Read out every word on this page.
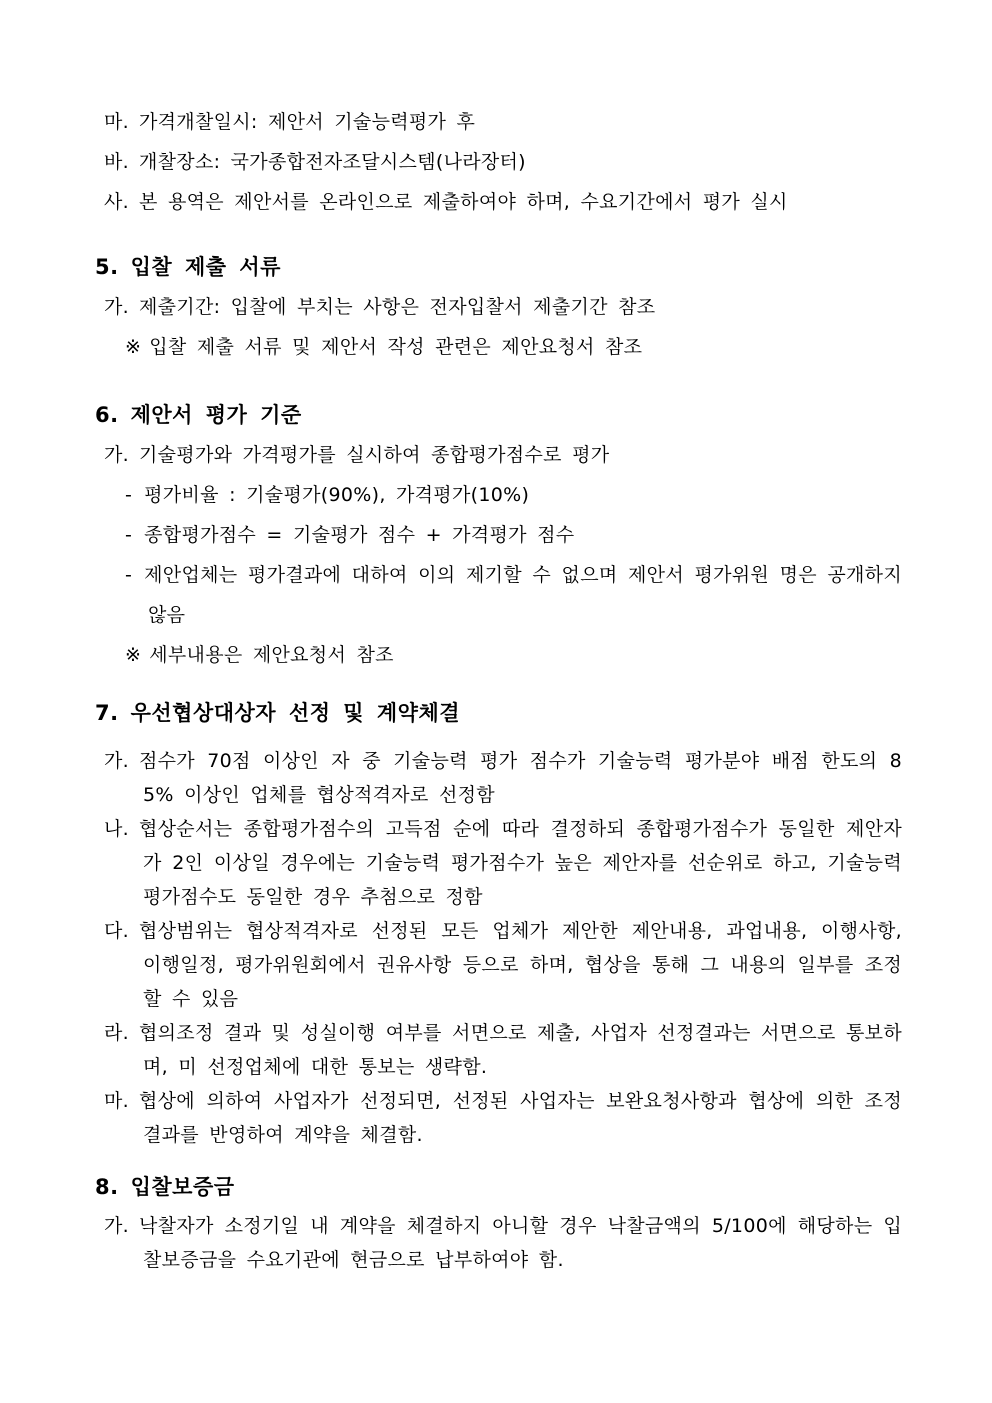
마. 가격개찰일시: 제안서 기술능력평가 후

바. 개찰장소: 국가종합전자조달시스템(나라장터)

사. 본 용역은 제안서를 온라인으로 제출하여야 하며, 수요기간에서 평가 실시

5. 입찰 제출 서류

가. 제출기간: 입찰에 부치는 사항은 전자입찰서 제출기간 참조

※ 입찰 제출 서류 및 제안서 작성 관련은 제안요청서 참조

6. 제안서 평가 기준

가. 기술평가와 가격평가를 실시하여 종합평가점수로 평가

- 평가비율 : 기술평가(90%), 가격평가(10%)

- 종합평가점수 = 기술평가 점수 + 가격평가 점수

- 제안업체는 평가결과에 대하여 이의 제기할 수 없으며 제안서 평가위원 명은 공개하지 않음

※ 세부내용은 제안요청서 참조

7. 우선협상대상자 선정 및 계약체결

가. 점수가 70점 이상인 자 중 기술능력 평가 점수가 기술능력 평가분야 배점 한도의 85% 이상인 업체를 협상적격자로 선정함

나. 협상순서는 종합평가점수의 고득점 순에 따라 결정하되 종합평가점수가 동일한 제안자가 2인 이상일 경우에는 기술능력 평가점수가 높은 제안자를 선순위로 하고, 기술능력 평가점수도 동일한 경우 추첨으로 정함

다. 협상범위는 협상적격자로 선정된 모든 업체가 제안한 제안내용, 과업내용, 이행사항, 이행일정, 평가위원회에서 권유사항 등으로 하며, 협상을 통해 그 내용의 일부를 조정할 수 있음

라. 협의조정 결과 및 성실이행 여부를 서면으로 제출, 사업자 선정결과는 서면으로 통보하며, 미 선정업체에 대한 통보는 생략함.

마. 협상에 의하여 사업자가 선정되면, 선정된 사업자는 보완요청사항과 협상에 의한 조정결과를 반영하여 계약을 체결함.

8. 입찰보증금

가. 낙찰자가 소정기일 내 계약을 체결하지 아니할 경우 낙찰금액의 5/100에 해당하는 입찰보증금을 수요기관에 현금으로 납부하여야 함.
